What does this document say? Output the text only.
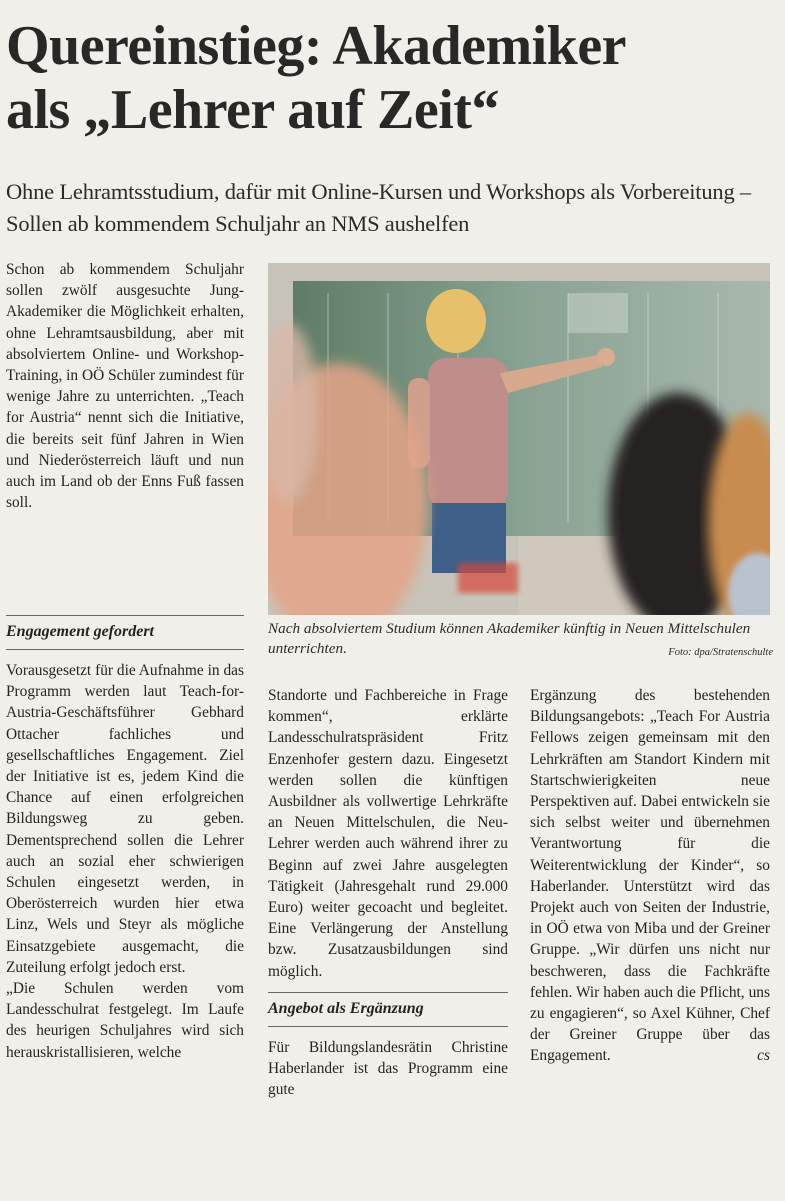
Quereinstieg: Akademiker
als „Lehrer auf Zeit“

Ohne Lehramtsstudium, dafür mit Online-Kursen und Workshops als Vorbereitung – Sollen ab kommendem Schuljahr an NMS aushelfen

Schon ab kommendem Schuljahr sollen zwölf ausgesuchte Jung-Akademiker die Möglichkeit erhalten, ohne Lehramtsausbildung, aber mit absolviertem Online- und Workshop-Training, in OÖ Schüler zumindest für wenige Jahre zu unterrichten. „Teach for Austria“ nennt sich die Initiative, die bereits seit fünf Jahren in Wien und Niederösterreich läuft und nun auch im Land ob der Enns Fuß fassen soll.

Engagement gefordert	Nach absolviertem Studium können Akademiker künftig in Neuen Mittelschulen unterrichten.	Foto: dpa/Stratenschulte

Vorausgesetzt für die Aufnahme in das Programm werden laut Teach-for-Austria-Geschäftsführer Gebhard Ottacher fachliches und gesellschaftliches Engagement. Ziel der Initiative ist es, jedem Kind die Chance auf einen erfolgreichen Bildungsweg zu geben. Dementsprechend sollen die Lehrer auch an sozial eher schwierigen Schulen eingesetzt werden, in Oberösterreich wurden hier etwa Linz, Wels und Steyr als mögliche Einsatzgebiete ausgemacht, die Zuteilung erfolgt jedoch erst.

„Die Schulen werden vom Landesschulrat festgelegt. Im Laufe des heurigen Schuljahres wird sich herauskristallisieren, welche

Standorte und Fachbereiche in Frage kommen“, erklärte Landesschulratspräsident Fritz Enzenhofer gestern dazu. Eingesetzt werden sollen die künftigen Ausbildner als vollwertige Lehrkräfte an Neuen Mittelschulen, die Neu-Lehrer werden auch während ihrer zu Beginn auf zwei Jahre ausgelegten Tätigkeit (Jahresgehalt rund 29.000 Euro) weiter gecoacht und begleitet. Eine Verlängerung der Anstellung bzw. Zusatzausbildungen sind möglich.

Angebot als Ergänzung

Für Bildungslandesrätin Christine Haberlander ist das Programm eine gute

Ergänzung des bestehenden Bildungsangebots: „Teach For Austria Fellows zeigen gemeinsam mit den Lehrkräften am Standort Kindern mit Startschwierigkeiten neue Perspektiven auf. Dabei entwickeln sie sich selbst weiter und übernehmen Verantwortung für die Weiterentwicklung der Kinder“, so Haberlander. Unterstützt wird das Projekt auch von Seiten der Industrie, in OÖ etwa von Miba und der Greiner Gruppe. „Wir dürfen uns nicht nur beschweren, dass die Fachkräfte fehlen. Wir haben auch die Pflicht, uns zu engagieren“, so Axel Kühner, Chef der Greiner Gruppe über das Engagement.	cs
